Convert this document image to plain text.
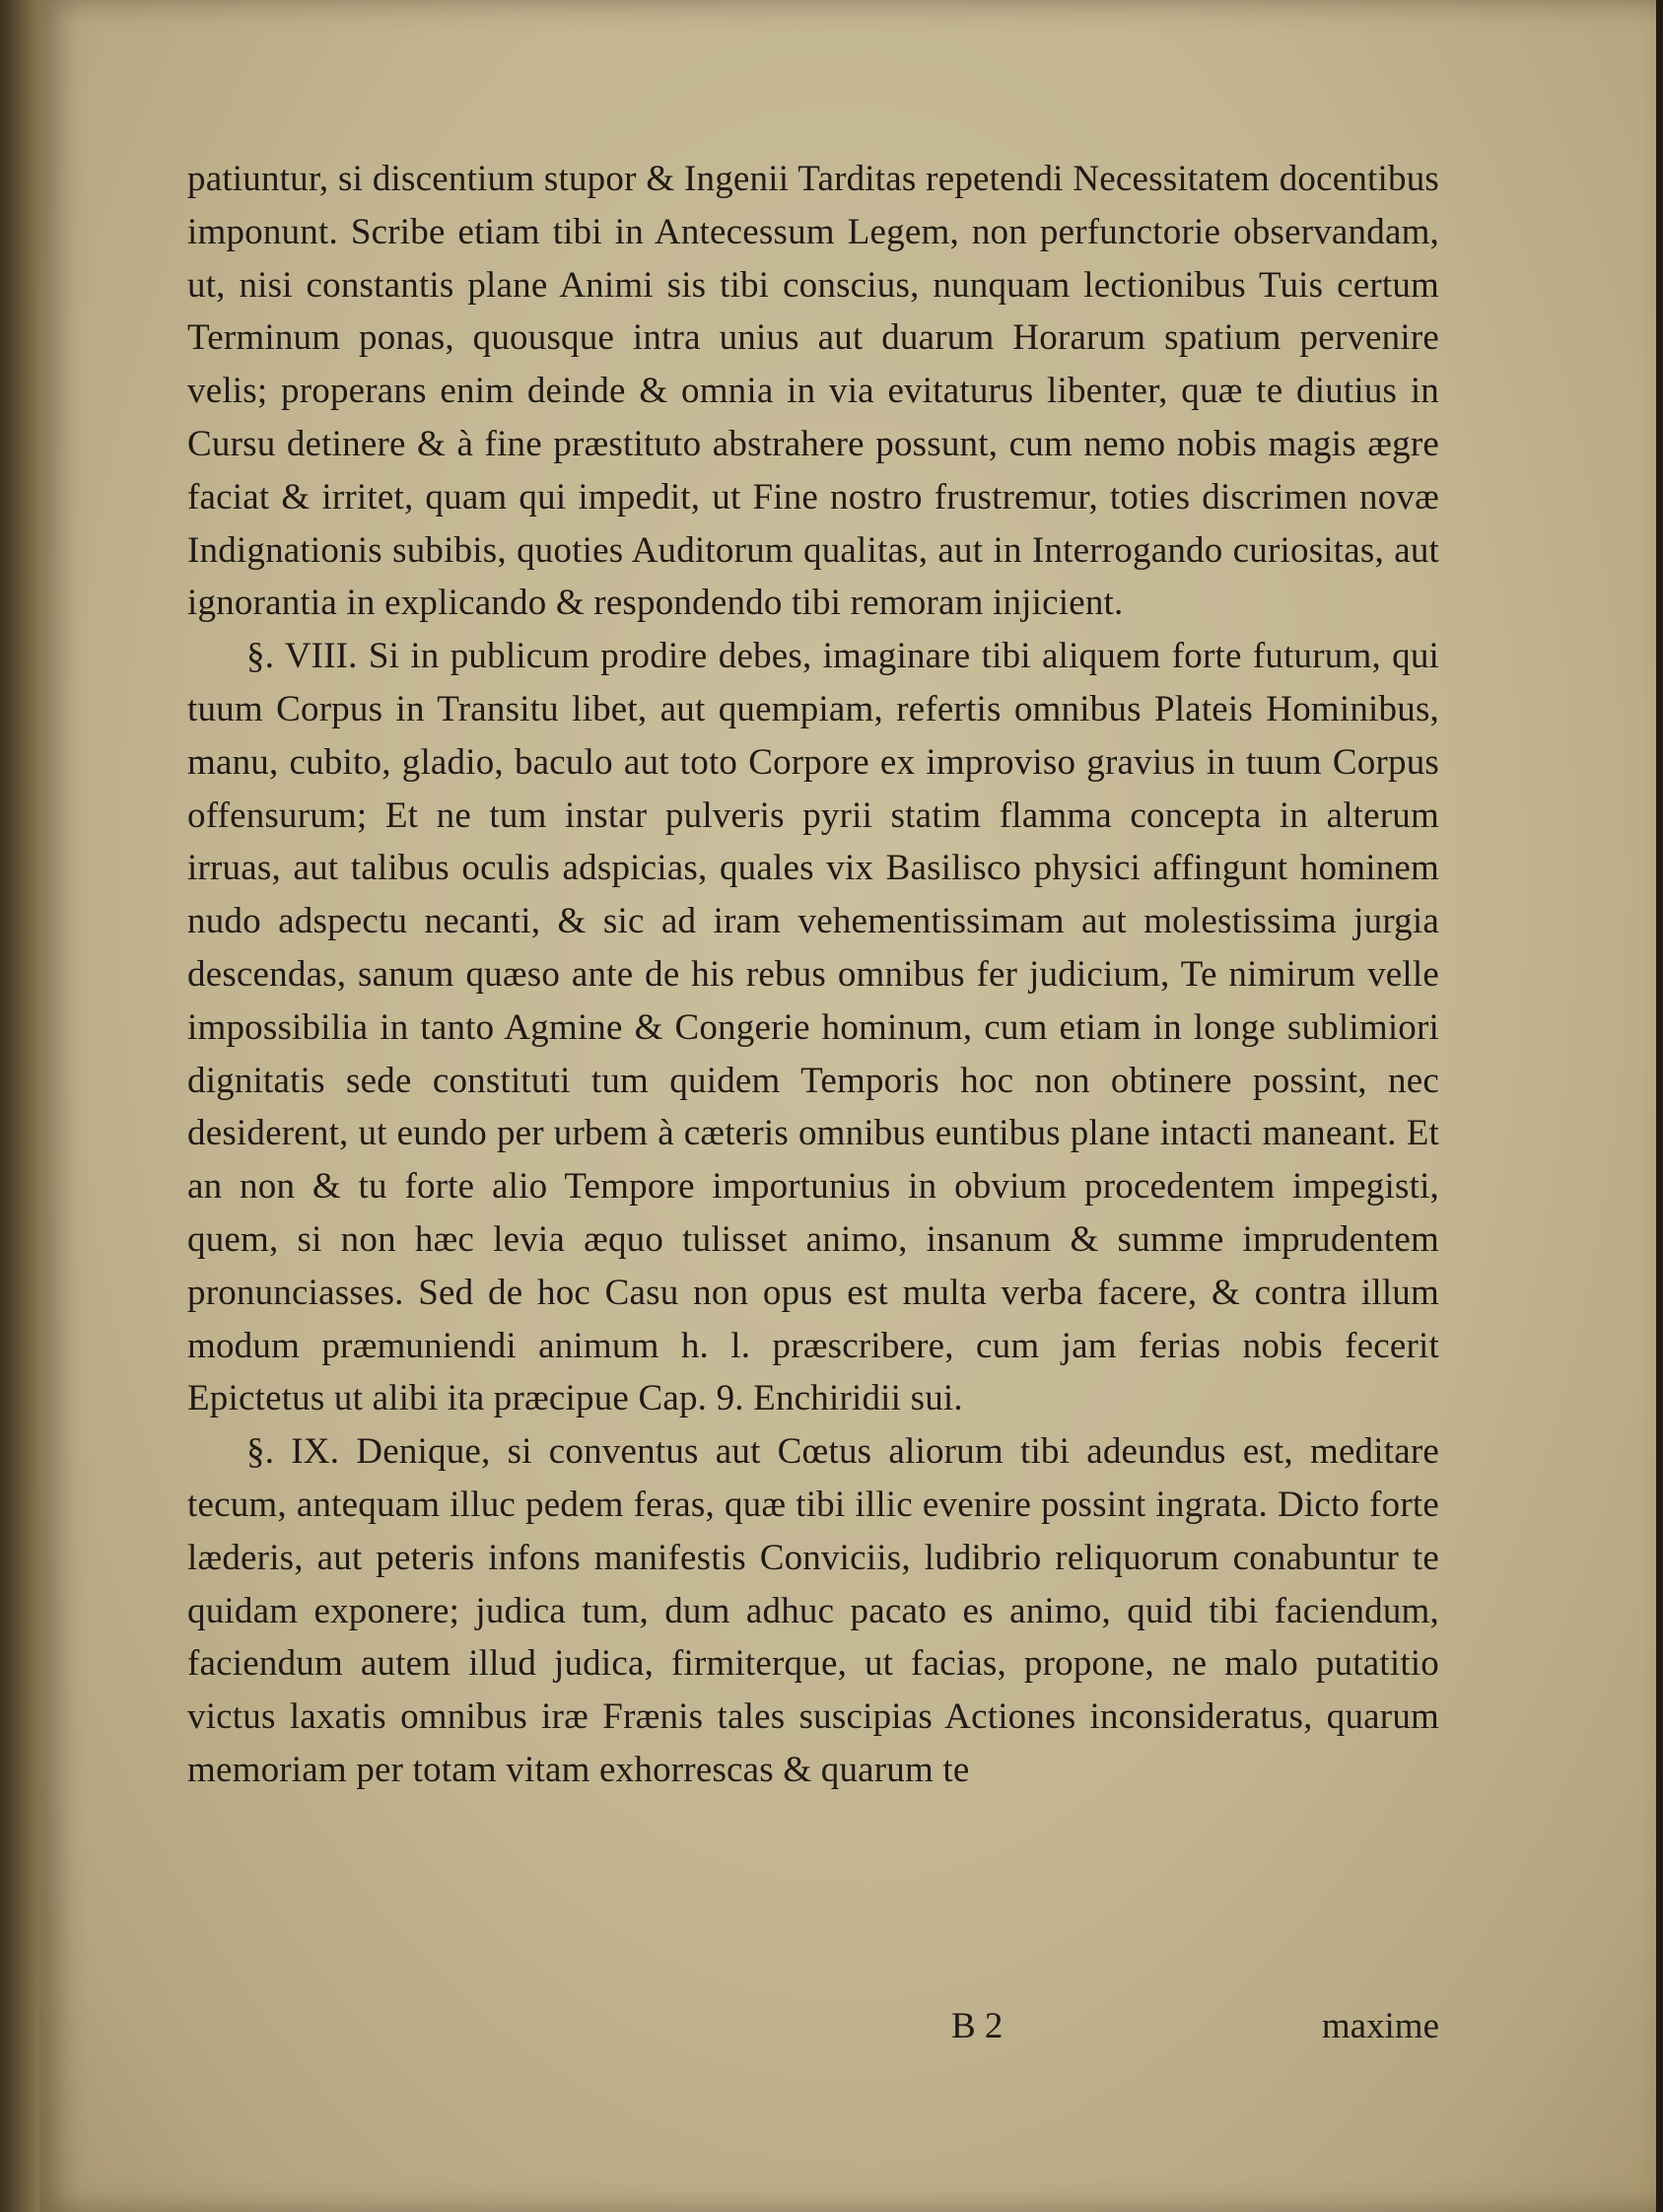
patiuntur, si discentium stupor & Ingenii Tarditas repetendi Necessitatem docentibus imponunt. Scribe etiam tibi in Antecessum Legem, non perfunctorie observandam, ut, nisi constantis plane Animi sis tibi conscius, nunquam lectionibus Tuis certum Terminum ponas, quousque intra unius aut duarum Horarum spatium pervenire velis; properans enim deinde & omnia in via evitaturus libenter, quæ te diutius in Cursu detinere & à fine præstituto abstrahere possunt, cum nemo nobis magis ægre faciat & irritet, quam qui impedit, ut Fine nostro frustremur, toties discrimen novæ Indignationis subibis, quoties Auditorum qualitas, aut in Interrogando curiositas, aut ignorantia in explicando & respondendo tibi remoram injicient.

§. VIII. Si in publicum prodire debes, imaginare tibi aliquem forte futurum, qui tuum Corpus in Transitu libet, aut quempiam, refertis omnibus Plateis Hominibus, manu, cubito, gladio, baculo aut toto Corpore ex improviso gravius in tuum Corpus offensurum; Et ne tum instar pulveris pyrii statim flamma concepta in alterum irruas, aut talibus oculis adspicias, quales vix Basilisco physici affingunt hominem nudo adspectu necanti, & sic ad iram vehementissimam aut molestissima jurgia descendas, sanum quæso ante de his rebus omnibus fer judicium, Te nimirum velle impossibilia in tanto Agmine & Congerie hominum, cum etiam in longe sublimiori dignitatis sede constituti tum quidem Temporis hoc non obtinere possint, nec desiderent, ut eundo per urbem à cæteris omnibus euntibus plane intacti maneant. Et an non & tu forte alio Tempore importunius in obvium procedentem impegisti, quem, si non hæc levia æquo tulisset animo, insanum & summe imprudentem pronunciasses. Sed de hoc Casu non opus est multa verba facere, & contra illum modum præmuniendi animum h. l. præscribere, cum jam ferias nobis fecerit Epictetus ut alibi ita præcipue Cap. 9. Enchiridii sui.

§. IX. Denique, si conventus aut Cœtus aliorum tibi adeundus est, meditare tecum, antequam illuc pedem feras, quæ tibi illic evenire possint ingrata. Dicto forte læderis, aut peteris infons manifestis Conviciis, ludibrio reliquorum conabuntur te quidam exponere; judica tum, dum adhuc pacato es animo, quid tibi faciendum, faciendum autem illud judica, firmiterque, ut facias, propone, ne malo putatitio victus laxatis omnibus iræ Frænis tales suscipias Actiones inconsideratus, quarum memoriam per totam vitam exhorrescas & quarum te

B 2	maxime
